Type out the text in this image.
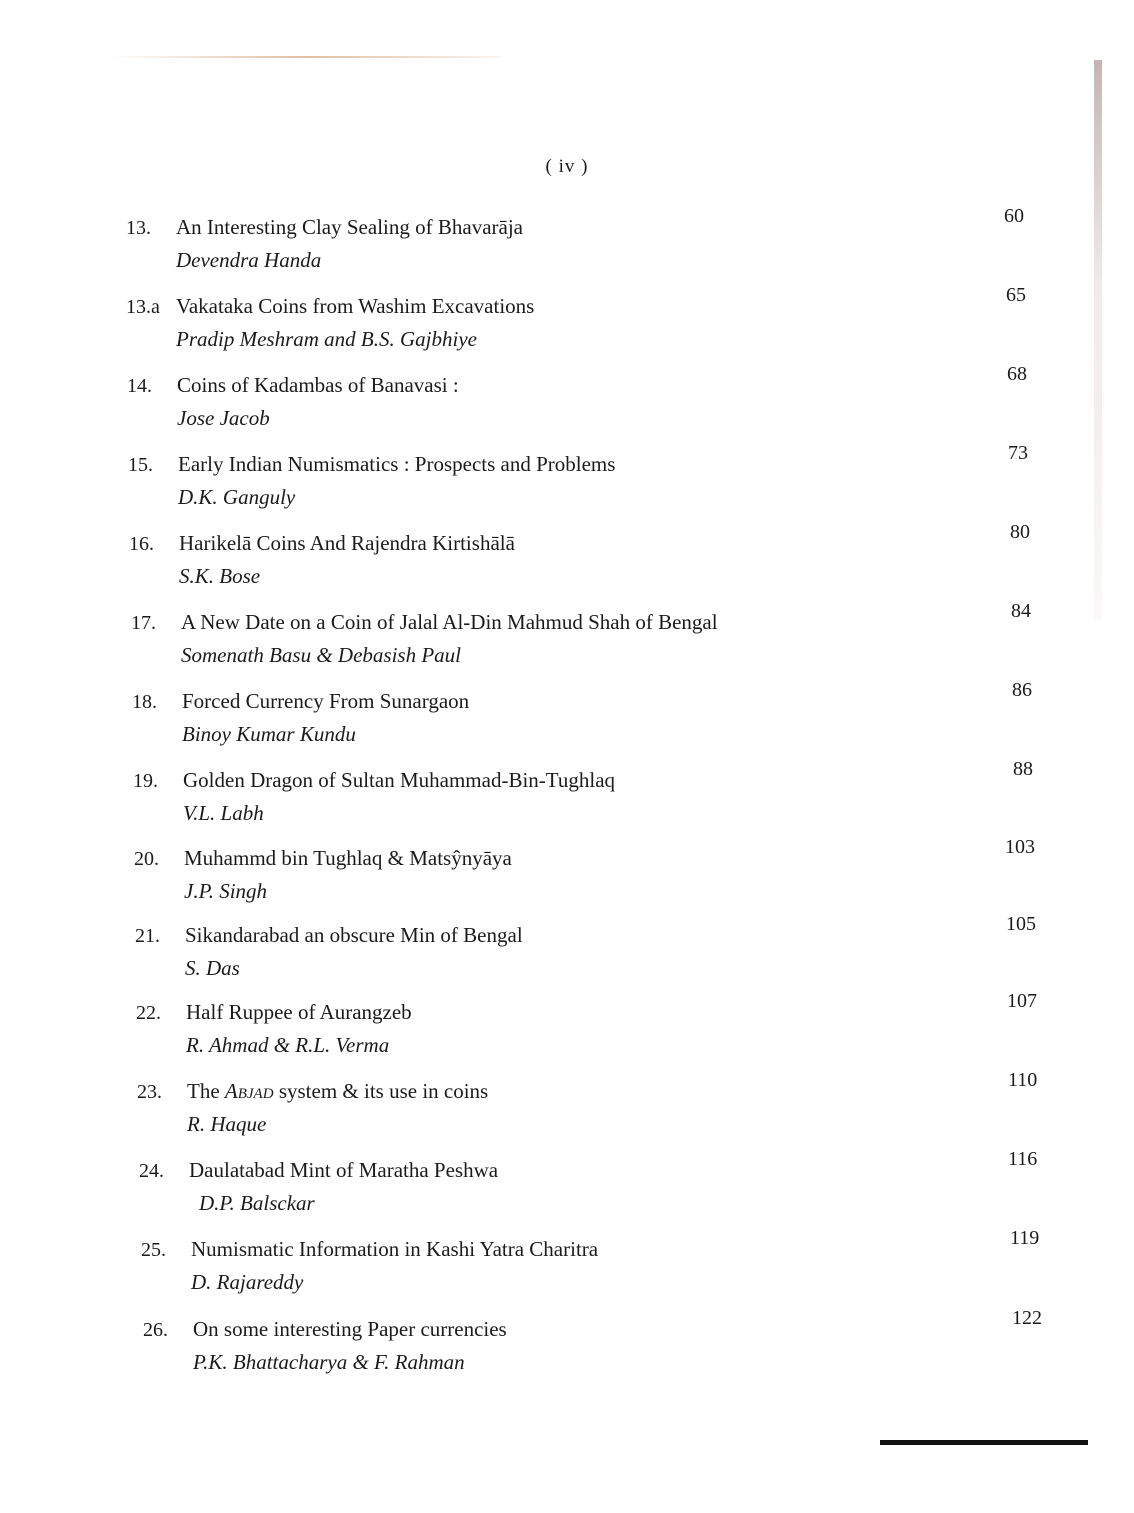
( iv )
13. An Interesting Clay Sealing of Bhavarāja
Devendra Handa
60
13.a Vakataka Coins from Washim Excavations
Pradip Meshram and B.S. Gajbhiye
65
14. Coins of Kadambas of Banavasi :
Jose Jacob
68
15. Early Indian Numismatics : Prospects and Problems
D.K. Ganguly
73
16. Harikelā Coins And Rajendra Kirtishālā
S.K. Bose
80
17. A New Date on a Coin of Jalal Al-Din Mahmud Shah of Bengal
Somenath Basu & Debasish Paul
84
18. Forced Currency From Sunargaon
Binoy Kumar Kundu
86
19. Golden Dragon of Sultan Muhammad-Bin-Tughlaq
V.L. Labh
88
20. Muhammd bin Tughlaq & Matsŷnyāya
J.P. Singh
103
21. Sikandarabad an obscure Min of Bengal
S. Das
105
22. Half Ruppee of Aurangzeb
R. Ahmad & R.L. Verma
107
23. The Abjad system & its use in coins
R. Haque
110
24. Daulatabad Mint of Maratha Peshwa
D.P. Balsckar
116
25. Numismatic Information in Kashi Yatra Charitra
D. Rajareddy
119
26. On some interesting Paper currencies
P.K. Bhattacharya & F. Rahman
122
